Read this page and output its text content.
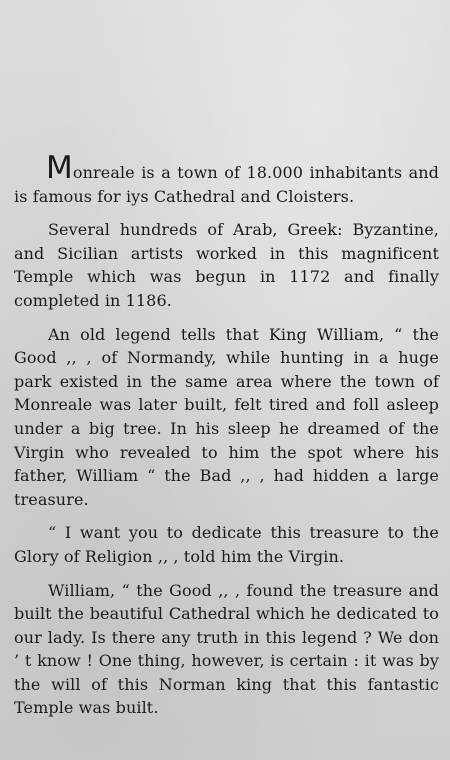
Monreale is a town of 18.000 inhabitants and is famous for iys Cathedral and Cloisters.

Several hundreds of Arab, Greek: Byzantine, and Sicilian artists worked in this magnificent Temple which was begun in 1172 and finally completed in 1186.

An old legend tells that King William, “ the Good ,, , of Normandy, while hunting in a huge park existed in the same area where the town of Monreale was later built, felt tired and foll asleep under a big tree. In his sleep he dreamed of the Virgin who revealed to him the spot where his father, William “ the Bad ,, , had hidden a large treasure.

“ I want you to dedicate this treasure to the Glory of Religion ,, , told him the Virgin.

William, “ the Good ,, , found the treasure and built the beautiful Cathedral which he dedicated to our lady. Is there any truth in this legend ? We don ’ t know ! One thing, however, is certain : it was by the will of this Norman king that this fantastic Temple was built.
